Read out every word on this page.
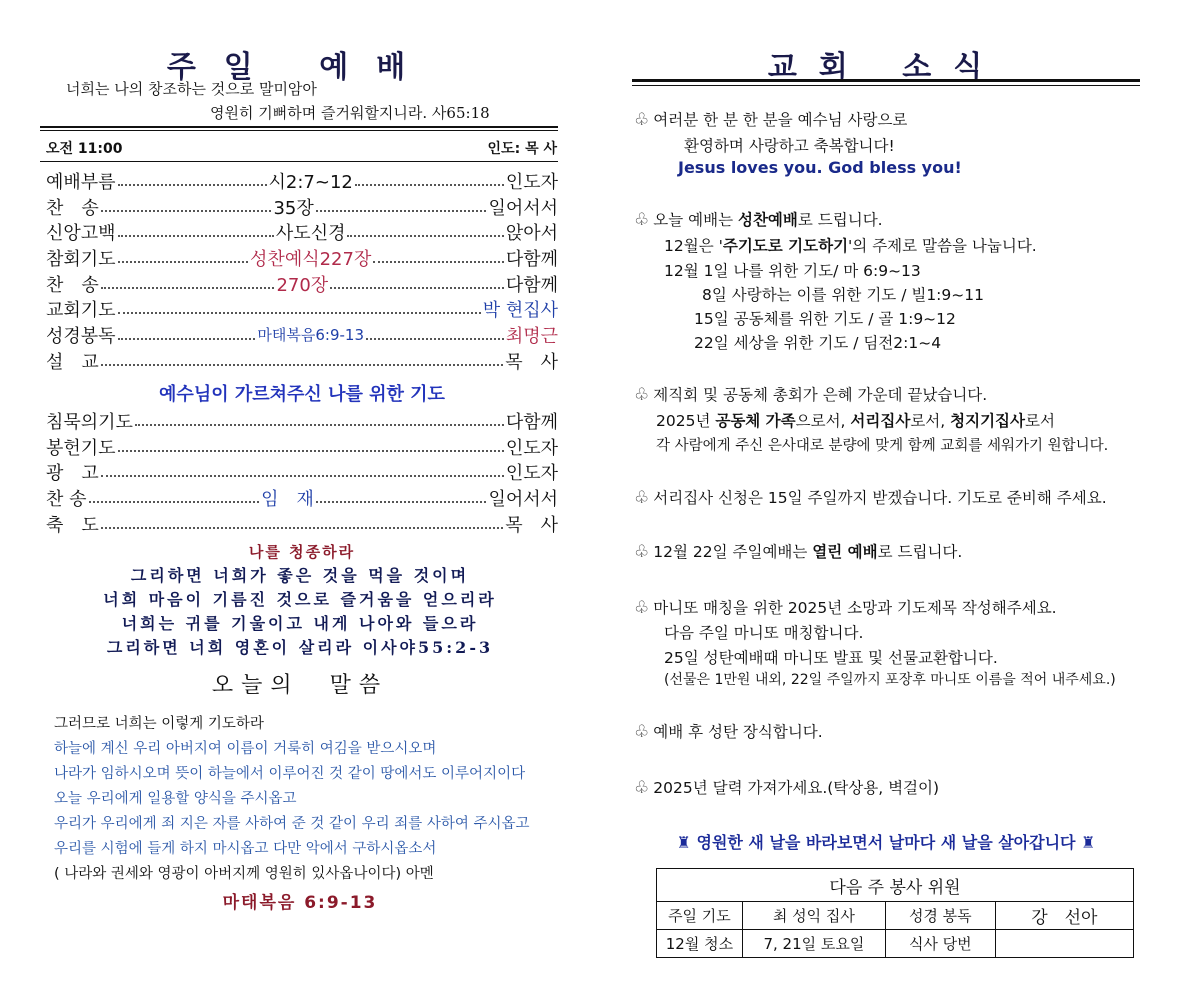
주일 예배
너희는 나의 창조하는 것으로 말미암아
영원히 기뻐하며 즐거워할지니라. 사65:18
오전 11:00	인도: 목 사
예배부름	시2:7~12	인도자
찬　송	35장	일어서서
신앙고백	사도신경	앉아서
참회기도	성찬예식227장	다함께
찬　송	270장	다함께
교회기도	박 현집사
성경봉독	마태복음6:9-13	최명근
설　교	목　사
예수님이 가르쳐주신 나를 위한 기도
침묵의기도	다함께
봉헌기도	인도자
광　고	인도자
찬 송	임　재	일어서서
축　도	목　사
나를 청종하라
그리하면 너희가 좋은 것을 먹을 것이며
너희 마음이 기름진 것으로 즐거움을 얻으리라
너희는 귀를 기울이고 내게 나아와 들으라
그리하면 너희 영혼이 살리라 이사야55:2-3
오늘의　말씀
그러므로 너희는 이렇게 기도하라
하늘에 계신 우리 아버지여 이름이 거룩히 여김을 받으시오며
나라가 임하시오며 뜻이 하늘에서 이루어진 것 같이 땅에서도 이루어지이다
오늘 우리에게 일용할 양식을 주시옵고
우리가 우리에게 죄 지은 자를 사하여 준 것 같이 우리 죄를 사하여 주시옵고
우리를 시험에 들게 하지 마시옵고 다만 악에서 구하시옵소서
( 나라와 권세와 영광이 아버지께 영원히 있사옵나이다) 아멘
마태복음 6:9-13
교회 소식
♧ 여러분 한 분 한 분을 예수님 사랑으로
환영하며 사랑하고 축복합니다!
Jesus loves you. God bless you!
♧ 오늘 예배는 성찬예배로 드립니다.
12월은 '주기도로 기도하기'의 주제로 말씀을 나눕니다.
12월 1일 나를 위한 기도/ 마 6:9~13
8일 사랑하는 이를 위한 기도 / 빌1:9~11
15일 공동체를 위한 기도 / 골 1:9~12
22일 세상을 위한 기도 / 딤전2:1~4
♧ 제직회 및 공동체 총회가 은혜 가운데 끝났습니다.
2025년 공동체 가족으로서, 서리집사로서, 청지기집사로서
각 사람에게 주신 은사대로 분량에 맞게 함께 교회를 세워가기 원합니다.
♧ 서리집사 신청은 15일 주일까지 받겠습니다. 기도로 준비해 주세요.
♧ 12월 22일 주일예배는 열린 예배로 드립니다.
♧ 마니또 매칭을 위한 2025년 소망과 기도제목 작성해주세요.
다음 주일 마니또 매칭합니다.
25일 성탄예배때 마니또 발표 및 선물교환합니다.
(선물은 1만원 내외, 22일 주일까지 포장후 마니또 이름을 적어 내주세요.)
♧ 예배 후 성탄 장식합니다.
♧ 2025년 달력 가져가세요.(탁상용, 벽걸이)
♜ 영원한 새 날을 바라보면서 날마다 새 날을 살아갑니다 ♜
다음 주 봉사 위원			
주일 기도	최 성익 집사	성경 봉독	강　선아
12월 청소	7, 21일 토요일	식사 당번	
